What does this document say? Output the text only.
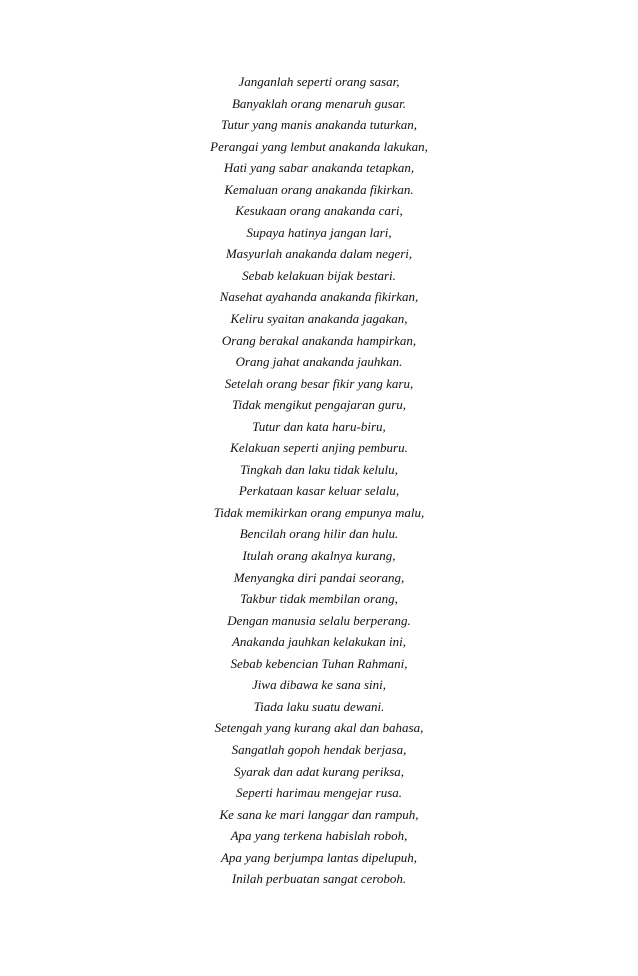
Janganlah seperti orang sasar,
Banyaklah orang menaruh gusar.
Tutur yang manis anakanda tuturkan,
Perangai yang lembut anakanda lakukan,
Hati yang sabar anakanda tetapkan,
Kemaluan orang anakanda fikirkan.
Kesukaan orang anakanda cari,
Supaya hatinya jangan lari,
Masyurlah anakanda dalam negeri,
Sebab kelakuan bijak bestari.
Nasehat ayahanda anakanda fikirkan,
Keliru syaitan anakanda jagakan,
Orang berakal anakanda hampirkan,
Orang jahat anakanda jauhkan.
Setelah orang besar fikir yang karu,
Tidak mengikut pengajaran guru,
Tutur dan kata haru-biru,
Kelakuan seperti anjing pemburu.
Tingkah dan laku tidak kelulu,
Perkataan kasar keluar selalu,
Tidak memikirkan orang empunya malu,
Bencilah orang hilir dan hulu.
Itulah orang akalnya kurang,
Menyangka diri pandai seorang,
Takbur tidak membilan orang,
Dengan manusia selalu berperang.
Anakanda jauhkan kelakukan ini,
Sebab kebencian Tuhan Rahmani,
Jiwa dibawa ke sana sini,
Tiada laku suatu dewani.
Setengah yang kurang akal dan bahasa,
Sangatlah gopoh hendak berjasa,
Syarak dan adat kurang periksa,
Seperti harimau mengejar rusa.
Ke sana ke mari langgar dan rampuh,
Apa yang terkena habislah roboh,
Apa yang berjumpa lantas dipelupuh,
Inilah perbuatan sangat ceroboh.
